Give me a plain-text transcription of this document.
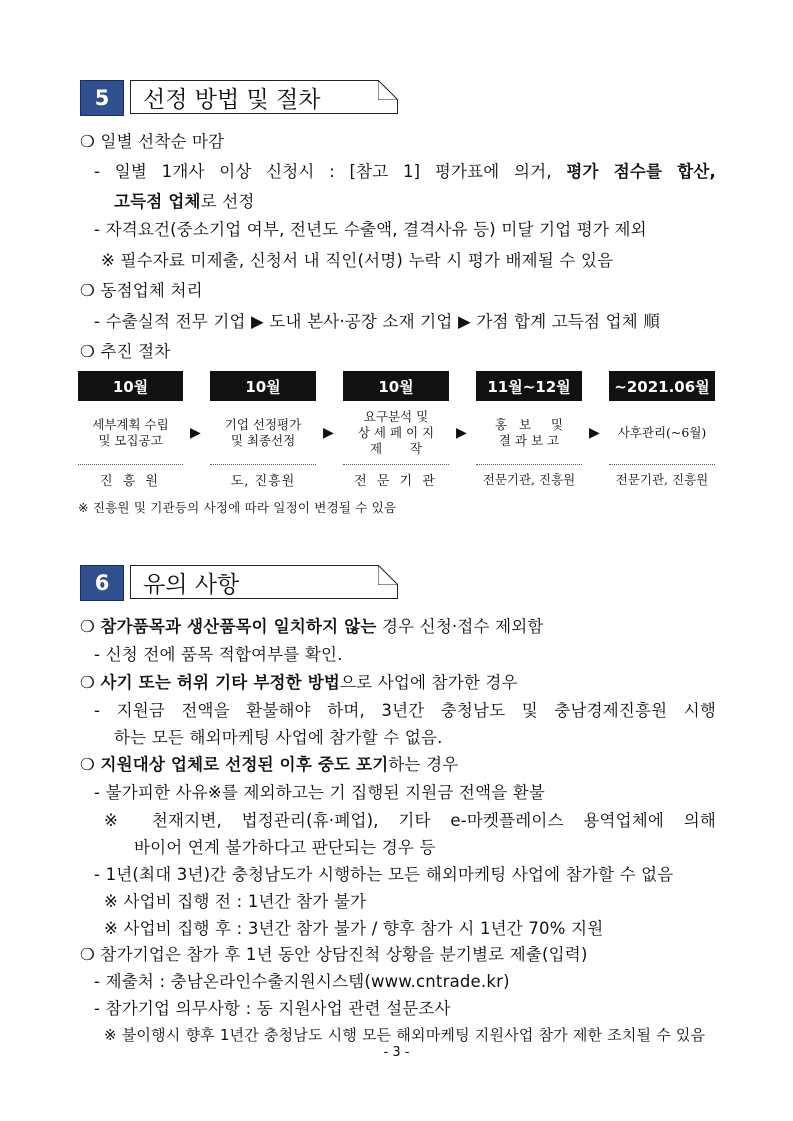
5	선정 방법 및 절차
❍ 일별 선착순 마감
- 일별 1개사 이상 신청시 : [참고 1] 평가표에 의거, 평가 점수를 합산,
고득점 업체로 선정
- 자격요건(중소기업 여부, 전년도 수출액, 결격사유 등) 미달 기업 평가 제외
※ 필수자료 미제출, 신청서 내 직인(서명) 누락 시 평가 배제될 수 있음
❍ 동점업체 처리
- 수출실적 전무 기업 ▶ 도내 본사·공장 소재 기업 ▶ 가점 합계 고득점 업체 順
❍ 추진 절차
10월
세부계획 수립
및 모집공고
진 흥 원
▶
10월
기업 선정평가
및 최종선정
도, 진흥원
▶
10월
요구분석 및
상 세 페 이 지
제       작
전 문 기 관
▶
11월~12월
홍   보     및
결 과 보 고
전문기관, 진흥원
▶
~2021.06월
사후관리(~6월)
전문기관, 진흥원
※ 진흥원 및 기관등의 사정에 따라 일정이 변경될 수 있음
6	유의 사항
❍ 참가품목과 생산품목이 일치하지 않는 경우 신청·접수 제외함
- 신청 전에 품목 적합여부를 확인.
❍ 사기 또는 허위 기타 부정한 방법으로 사업에 참가한 경우
- 지원금 전액을 환불해야 하며, 3년간 충청남도 및 충남경제진흥원 시행
하는 모든 해외마케팅 사업에 참가할 수 없음.
❍ 지원대상 업체로 선정된 이후 중도 포기하는 경우
- 불가피한 사유※를 제외하고는 기 집행된 지원금 전액을 환불
※ 천재지변, 법정관리(휴·폐업), 기타 e-마켓플레이스 용역업체에 의해
바이어 연계 불가하다고 판단되는 경우 등
- 1년(최대 3년)간 충청남도가 시행하는 모든 해외마케팅 사업에 참가할 수 없음
※ 사업비 집행 전 : 1년간 참가 불가
※ 사업비 집행 후 : 3년간 참가 불가 / 향후 참가 시 1년간 70% 지원
❍ 참가기업은 참가 후 1년 동안 상담진척 상황을 분기별로 제출(입력)
- 제출처 : 충남온라인수출지원시스템(www.cntrade.kr)
- 참가기업 의무사항 : 동 지원사업 관련 설문조사
※ 불이행시 향후 1년간 충청남도 시행 모든 해외마케팅 지원사업 참가 제한 조치될 수 있음
- 3 -
